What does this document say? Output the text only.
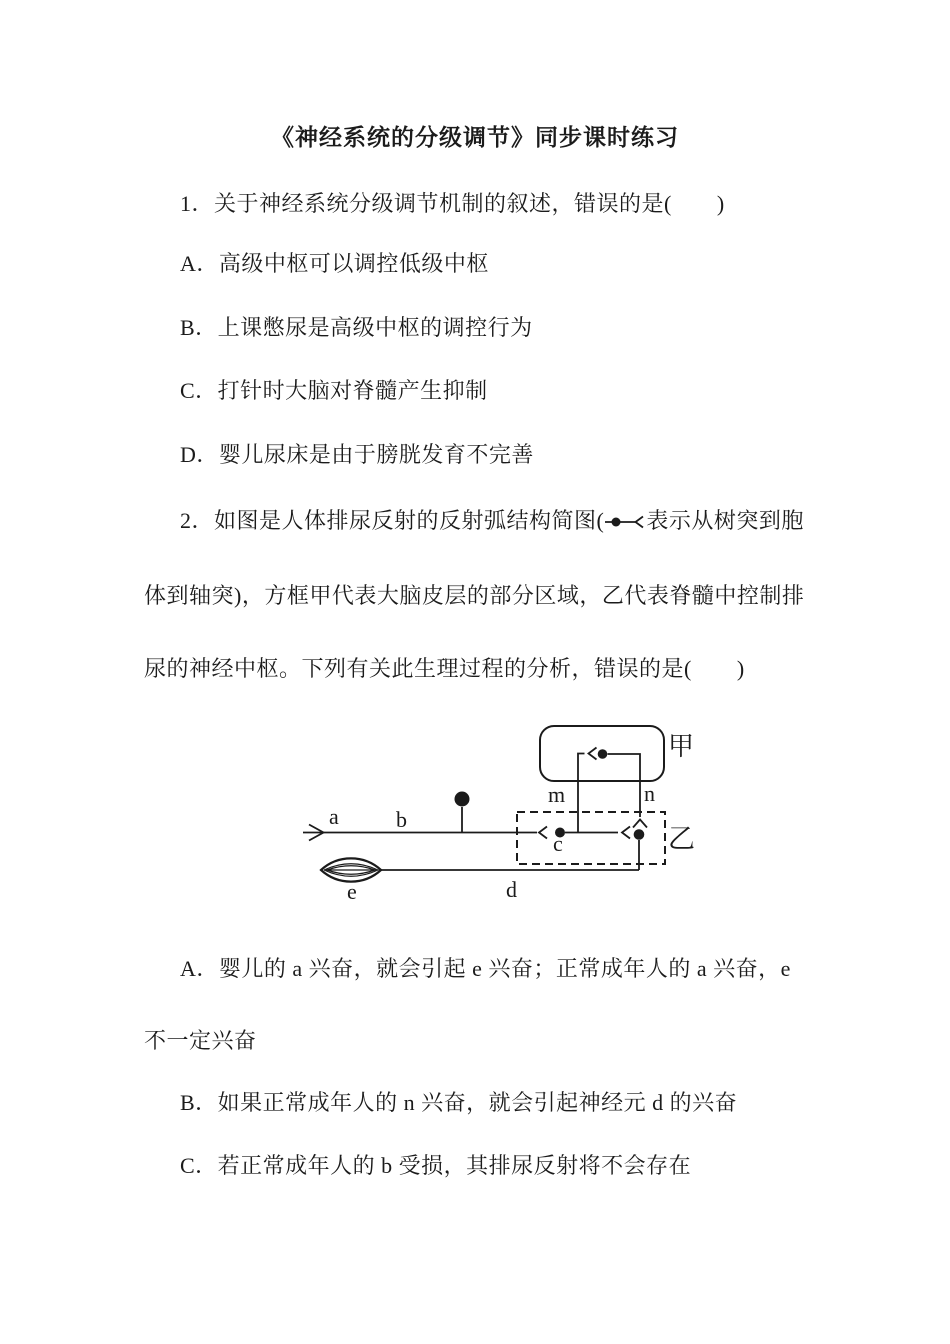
《神经系统的分级调节》同步课时练习
1．关于神经系统分级调节机制的叙述，错误的是(　　)
A．高级中枢可以调控低级中枢
B．上课憋尿是高级中枢的调控行为
C．打针时大脑对脊髓产生抑制
D．婴儿尿床是由于膀胱发育不完善
2．如图是人体排尿反射的反射弧结构简图( 表示从树突到胞
体到轴突)，方框甲代表大脑皮层的部分区域，乙代表脊髓中控制排
尿的神经中枢。下列有关此生理过程的分析，错误的是(　　)
a	b
c
d
e
m	n
甲
乙
A．婴儿的 a 兴奋，就会引起 e 兴奋；正常成年人的 a 兴奋，e
不一定兴奋
B．如果正常成年人的 n 兴奋，就会引起神经元 d 的兴奋
C．若正常成年人的 b 受损，其排尿反射将不会存在
